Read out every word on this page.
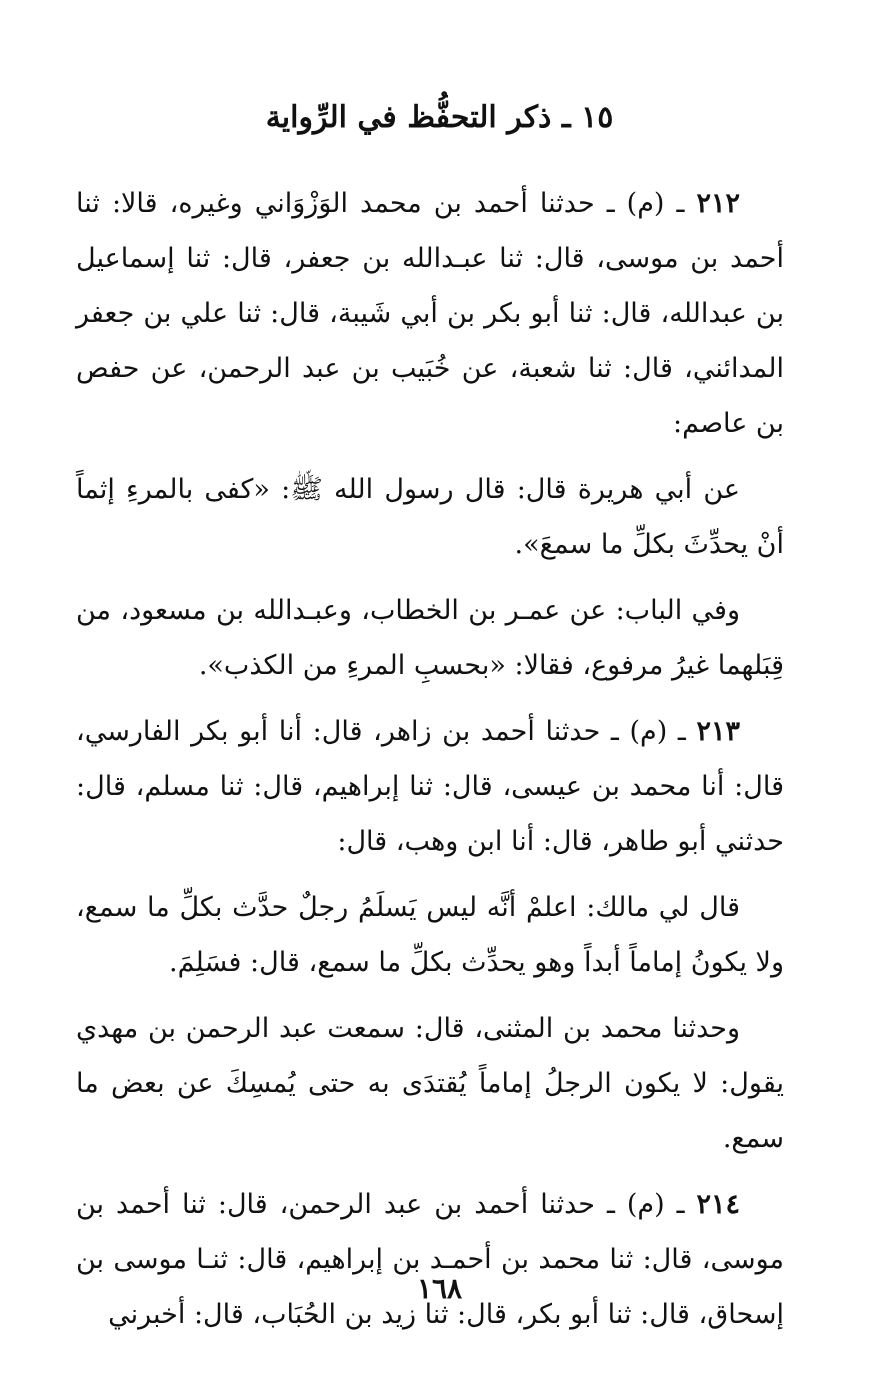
١٥ ـ ذكر التحفُّظ في الرِّواية

٢١٢ ـ (م) ـ حدثنا أحمد بن محمد الوَزْوَاني وغيره، قالا: ثنا أحمد بن موسى، قال: ثنا عبـدالله بن جعفر، قال: ثنا إسماعيل بن عبدالله، قال: ثنا أبو بكر بن أبي شَيبة، قال: ثنا علي بن جعفر المدائني، قال: ثنا شعبة، عن خُبَيب بن عبد الرحمن، عن حفص بن عاصم:

عن أبي هريرة قال: قال رسول الله ﷺ: «كفى بالمرءِ إثماً أنْ يحدِّثَ بكلِّ ما سمعَ».

وفي الباب: عن عمـر بن الخطاب، وعبـدالله بن مسعود، من قِبَلهما غيرُ مرفوع، فقالا: «بحسبِ المرءِ من الكذب».

٢١٣ ـ (م) ـ حدثنا أحمد بن زاهر، قال: أنا أبو بكر الفارسي، قال: أنا محمد بن عيسى، قال: ثنا إبراهيم، قال: ثنا مسلم، قال: حدثني أبو طاهر، قال: أنا ابن وهب، قال:

قال لي مالك: اعلمْ أنَّه ليس يَسلَمُ رجلٌ حدَّث بكلِّ ما سمع، ولا يكونُ إماماً أبداً وهو يحدِّث بكلِّ ما سمع، قال: فسَلِمَ.

وحدثنا محمد بن المثنى، قال: سمعت عبد الرحمن بن مهدي يقول: لا يكون الرجلُ إماماً يُقتدَى به حتى يُمسِكَ عن بعض ما سمع.

٢١٤ ـ (م) ـ حدثنا أحمد بن عبد الرحمن، قال: ثنا أحمد بن موسى، قال: ثنا محمد بن أحمـد بن إبراهيم، قال: ثنـا موسى بن إسحاق، قال: ثنا أبو بكر، قال: ثنا زيد بن الحُبَاب، قال: أخبرني

١٦٨
